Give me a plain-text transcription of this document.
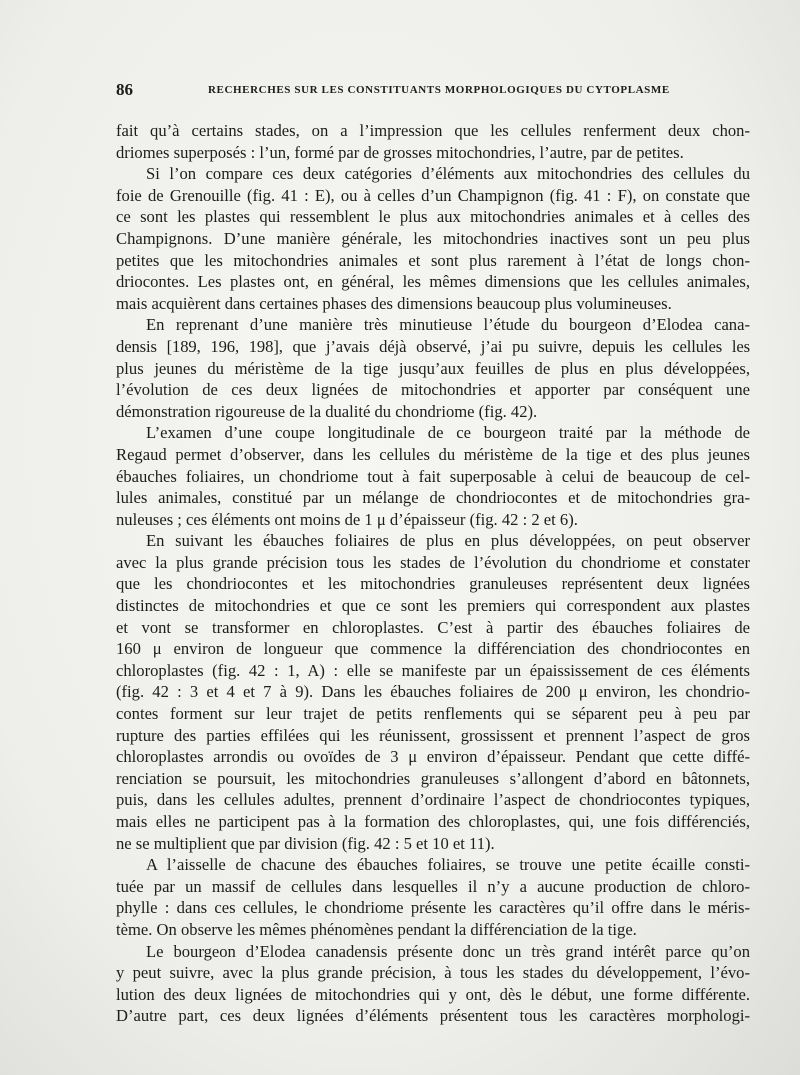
86	RECHERCHES SUR LES CONSTITUANTS MORPHOLOGIQUES DU CYTOPLASME
fait qu’à certains stades, on a l’impression que les cellules renferment deux chon-
driomes superposés : l’un, formé par de grosses mitochondries, l’autre, par de petites.
Si l’on compare ces deux catégories d’éléments aux mitochondries des cellules du
foie de Grenouille (fig. 41 : E), ou à celles d’un Champignon (fig. 41 : F), on constate que
ce sont les plastes qui ressemblent le plus aux mitochondries animales et à celles des
Champignons. D’une manière générale, les mitochondries inactives sont un peu plus
petites que les mitochondries animales et sont plus rarement à l’état de longs chon-
driocontes. Les plastes ont, en général, les mêmes dimensions que les cellules animales,
mais acquièrent dans certaines phases des dimensions beaucoup plus volumineuses.
En reprenant d’une manière très minutieuse l’étude du bourgeon d’Elodea cana-
densis [189, 196, 198], que j’avais déjà observé, j’ai pu suivre, depuis les cellules les
plus jeunes du méristème de la tige jusqu’aux feuilles de plus en plus développées,
l’évolution de ces deux lignées de mitochondries et apporter par conséquent une
démonstration rigoureuse de la dualité du chondriome (fig. 42).
L’examen d’une coupe longitudinale de ce bourgeon traité par la méthode de
Regaud permet d’observer, dans les cellules du méristème de la tige et des plus jeunes
ébauches foliaires, un chondriome tout à fait superposable à celui de beaucoup de cel-
lules animales, constitué par un mélange de chondriocontes et de mitochondries gra-
nuleuses ; ces éléments ont moins de 1 μ d’épaisseur (fig. 42 : 2 et 6).
En suivant les ébauches foliaires de plus en plus développées, on peut observer
avec la plus grande précision tous les stades de l’évolution du chondriome et constater
que les chondriocontes et les mitochondries granuleuses représentent deux lignées
distinctes de mitochondries et que ce sont les premiers qui correspondent aux plastes
et vont se transformer en chloroplastes. C’est à partir des ébauches foliaires de
160 μ environ de longueur que commence la différenciation des chondriocontes en
chloroplastes (fig. 42 : 1, A) : elle se manifeste par un épaississement de ces éléments
(fig. 42 : 3 et 4 et 7 à 9). Dans les ébauches foliaires de 200 μ environ, les chondrio-
contes forment sur leur trajet de petits renflements qui se séparent peu à peu par
rupture des parties effilées qui les réunissent, grossissent et prennent l’aspect de gros
chloroplastes arrondis ou ovoïdes de 3 μ environ d’épaisseur. Pendant que cette diffé-
renciation se poursuit, les mitochondries granuleuses s’allongent d’abord en bâtonnets,
puis, dans les cellules adultes, prennent d’ordinaire l’aspect de chondriocontes typiques,
mais elles ne participent pas à la formation des chloroplastes, qui, une fois différenciés,
ne se multiplient que par division (fig. 42 : 5 et 10 et 11).
A l’aisselle de chacune des ébauches foliaires, se trouve une petite écaille consti-
tuée par un massif de cellules dans lesquelles il n’y a aucune production de chloro-
phylle : dans ces cellules, le chondriome présente les caractères qu’il offre dans le méris-
tème. On observe les mêmes phénomènes pendant la différenciation de la tige.
Le bourgeon d’Elodea canadensis présente donc un très grand intérêt parce qu’on
y peut suivre, avec la plus grande précision, à tous les stades du développement, l’évo-
lution des deux lignées de mitochondries qui y ont, dès le début, une forme différente.
D’autre part, ces deux lignées d’éléments présentent tous les caractères morphologi-
